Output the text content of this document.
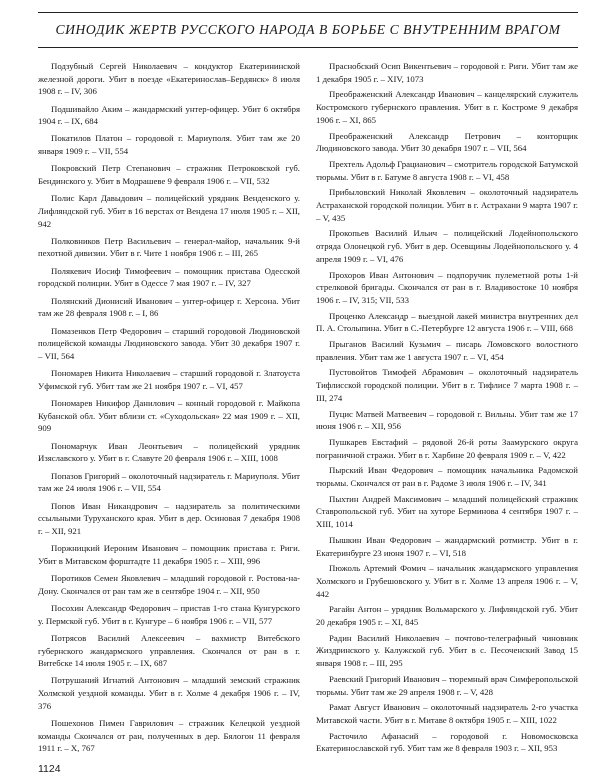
СИНОДИК ЖЕРТВ РУССКОГО НАРОДА В БОРЬБЕ С ВНУТРЕННИМ ВРАГОМ

Подзубный Сергей Николаевич – кондуктор Екатерининской железной дороги. Убит в поезде «Екатеринослав–Бердянск» 8 июля 1908 г. – IV, 306

Подшивайло Аким – жандармский унтер-офицер. Убит 6 октября 1904 г. – IX, 684

Покатилов Платон – городовой г. Мариуполя. Убит там же 20 января 1909 г. – VII, 554

Покровский Петр Степанович – стражник Петроковской губ. Бендинского у. Убит в Модрашеве 9 февраля 1906 г. – VII, 532

Полис Карл Давыдович – полицейский урядник Венденского у. Лифляндской губ. Убит в 16 верстах от Вендена 17 июля 1905 г. – XII, 942

Полковников Петр Васильевич – генерал-майор, начальник 9-й пехотной дивизии. Убит в г. Чите 1 ноября 1906 г. – III, 265

Полякевич Иосиф Тимофеевич – помощник пристава Одесской городской полиции. Убит в Одессе 7 мая 1907 г. – IV, 327

Полянский Дионисий Иванович – унтер-офицер г. Херсона. Убит там же 28 февраля 1908 г. – I, 86

Помазенков Петр Федорович – старший городовой Людиновской полицейской команды Людиновского завода. Убит 30 декабря 1907 г. – VII, 564

Пономарев Никита Николаевич – старший городовой г. Златоуста Уфимской губ. Убит там же 21 ноября 1907 г. – VI, 457

Пономарев Никифор Данилович – конный городовой г. Майкопа Кубанской обл. Убит вблизи ст. «Суходольская» 22 мая 1909 г. – XII, 909

Пономарчук Иван Леонтьевич – полицейский урядник Изяславского у. Убит в г. Славуте 20 февраля 1906 г. – XIII, 1008

Попазов Григорий – околоточный надзиратель г. Мариуполя. Убит там же 24 июля 1906 г. – VII, 554

Попов Иван Никандрович – надзиратель за политическими ссыльными Туруханского края. Убит в дер. Осиновая 7 декабря 1908 г. – XII, 921

Поржницкий Иероним Иванович – помощник пристава г. Риги. Убит в Митавском форштадте 11 декабря 1905 г. – XIII, 996

Поротиков Семен Яковлевич – младший городовой г. Ростова-на-Дону. Скончался от ран там же в сентябре 1904 г. – XII, 950

Посохин Александр Федорович – пристав 1-го стана Кунгурского у. Пермской губ. Убит в г. Кунгуре – 6 ноября 1906 г. – VII, 577

Потрясов Василий Алексеевич – вахмистр Витебского губернского жандармского управления. Скончался от ран в г. Витебске 14 июля 1905 г. – IX, 687

Потрушаний Игнатий Антонович – младший земский стражник Холмской уездной команды. Убит в г. Холме 4 декабря 1906 г. – IV, 376

Пошехонов Пимен Гаврилович – стражник Келецкой уездной команды Скончался от ран, полученных в дер. Бялогон 11 февраля 1911 г. – X, 767

Праснобский Осип Викентьевич – городовой г. Риги. Убит там же 1 декабря 1905 г. – XIV, 1073

Преображенский Александр Иванович – канцелярский служитель Костромского губернского правления. Убит в г. Костроме 9 декабря 1906 г. – XI, 865

Преображенский Александр Петрович – конторщик Людиновского завода. Убит 30 декабря 1907 г. – VII, 564

Прехтель Адольф Грацианович – смотритель городской Батумской тюрьмы. Убит в г. Батуме 8 августа 1908 г. – VI, 458

Прибыловский Николай Яковлевич – околоточный надзиратель Астраханской городской полиции. Убит в г. Астрахани 9 марта 1907 г. – V, 435

Прокопьев Василий Ильич – полицейский Лодейнопольского отряда Олонецкой губ. Убит в дер. Осевщины Лодейнопольского у. 4 апреля 1909 г. – VI, 476

Прохоров Иван Антонович – подпоручик пулеметной роты 1-й стрелковой бригады. Скончался от ран в г. Владивостоке 10 ноября 1906 г. – IV, 315; VII, 533

Проценко Александр – выездной лакей министра внутренних дел П. А. Столыпина. Убит в С.-Петербурге 12 августа 1906 г. – VIII, 668

Прыганов Василий Кузьмич – писарь Ломовского волостного правления. Убит там же 1 августа 1907 г. – VI, 454

Пустовойтов Тимофей Абрамович – околоточный надзиратель Тифлисской городской полиции. Убит в г. Тифлисе 7 марта 1908 г. – III, 274

Пуцис Матвей Матвеевич – городовой г. Вильны. Убит там же 17 июня 1906 г. – XII, 956

Пушкарев Евстафий – рядовой 26-й роты Заамурского округа пограничной стражи. Убит в г. Харбине 20 февраля 1909 г. – V, 422

Пырский Иван Федорович – помощник начальника Радомской тюрьмы. Скончался от ран в г. Радоме 3 июля 1906 г. – IV, 341

Пыхтин Андрей Максимович – младший полицейский стражник Ставропольской губ. Убит на хуторе Берминова 4 сентября 1907 г. – XIII, 1014

Пышкин Иван Федорович – жандармский ротмистр. Убит в г. Екатеринбурге 23 июня 1907 г. – VI, 518

Пюжоль Артемий Фомич – начальник жандармского управления Холмского и Грубешовского у. Убит в г. Холме 13 апреля 1906 г. – V, 442

Рагайн Антон – урядник Вольмарского у. Лифляндской губ. Убит 20 декабря 1905 г. – XI, 845

Радин Василий Николаевич – почтово-телеграфный чиновник Жиздринского у. Калужской губ. Убит в с. Песоченский Завод 15 января 1908 г. – III, 295

Раевский Григорий Иванович – тюремный врач Симферопольской тюрьмы. Убит там же 29 апреля 1908 г. – V, 428

Рамат Август Иванович – околоточный надзиратель 2-го участка Митавской части. Убит в г. Митаве 8 октября 1905 г. – XIII, 1022

Расточило Афанасий – городовой г. Новомосковска Екатеринославской губ. Убит там же 8 февраля 1903 г. – XII, 953

1124
